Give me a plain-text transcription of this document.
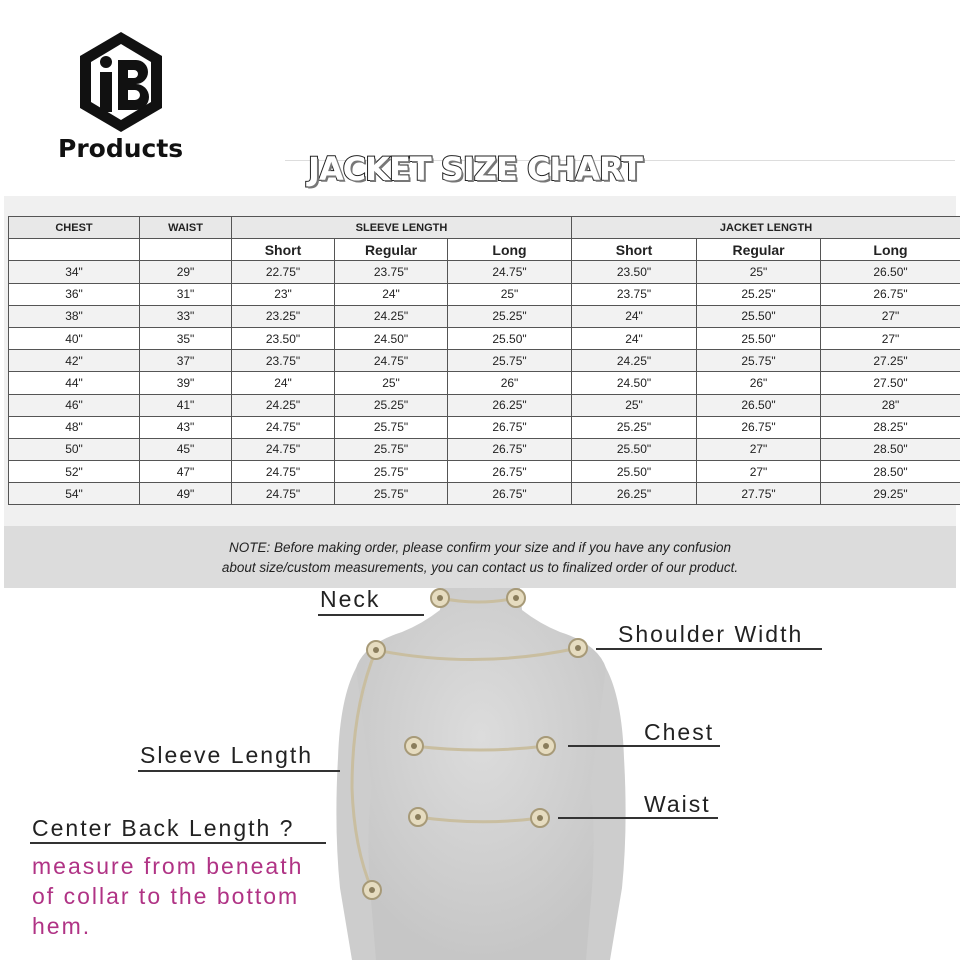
Products
JACKET SIZE CHART
CHEST	WAIST	SLEEVE LENGTH			JACKET LENGTH		
		Short	Regular	Long	Short	Regular	Long
34"	29"	22.75"	23.75"	24.75"	23.50"	25"	26.50"
36"	31"	23"	24"	25"	23.75"	25.25"	26.75"
38"	33"	23.25"	24.25"	25.25"	24"	25.50"	27"
40"	35"	23.50"	24.50"	25.50"	24"	25.50"	27"
42"	37"	23.75"	24.75"	25.75"	24.25"	25.75"	27.25"
44"	39"	24"	25"	26"	24.50"	26"	27.50"
46"	41"	24.25"	25.25"	26.25"	25"	26.50"	28"
48"	43"	24.75"	25.75"	26.75"	25.25"	26.75"	28.25"
50"	45"	24.75"	25.75"	26.75"	25.50"	27"	28.50"
52"	47"	24.75"	25.75"	26.75"	25.50"	27"	28.50"
54"	49"	24.75"	25.75"	26.75"	26.25"	27.75"	29.25"
NOTE: Before making order, please confirm your size and if you have any confusion
about size/custom measurements, you can contact us to finalized order of our product.
Neck
Shoulder Width
Chest
Waist
Sleeve Length
Center Back Length ?
measure from beneath
of collar to the bottom
hem.
